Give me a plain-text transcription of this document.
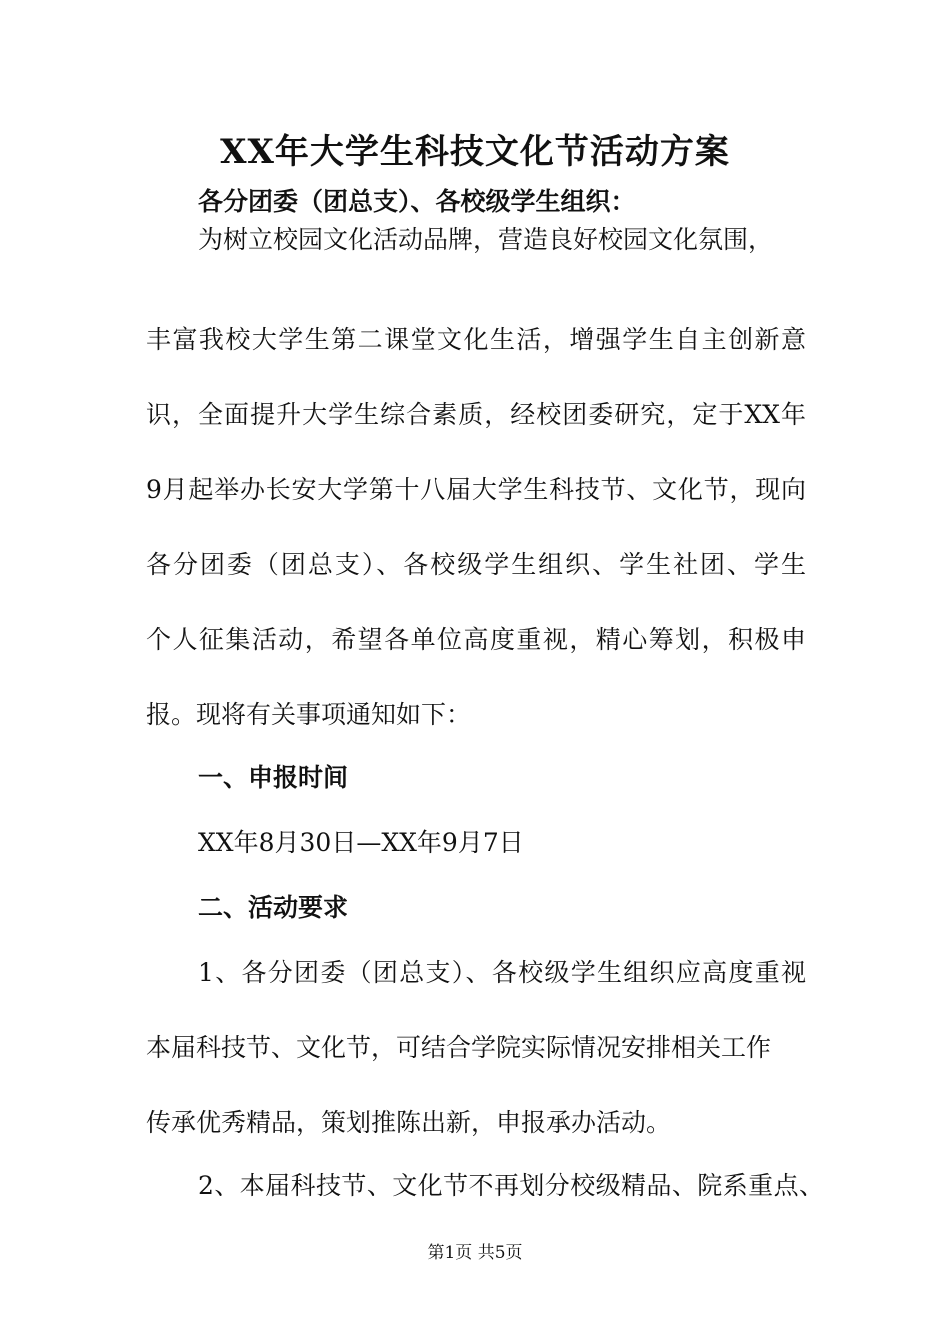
XX年大学生科技文化节活动方案
各分团委（团总支）、各校级学生组织：
为树立校园文化活动品牌，营造良好校园文化氛围，
丰富我校大学生第二课堂文化生活，增强学生自主创新意
识，全面提升大学生综合素质，经校团委研究，定于XX年
9月起举办长安大学第十八届大学生科技节、文化节，现向
各分团委（团总支）、各校级学生组织、学生社团、学生
个人征集活动，希望各单位高度重视，精心筹划，积极申
报。现将有关事项通知如下：
一、申报时间
XX年8月30日—XX年9月7日
二、活动要求
1、各分团委（团总支）、各校级学生组织应高度重视
本届科技节、文化节，可结合学院实际情况安排相关工作
传承优秀精品，策划推陈出新，申报承办活动。
2、本届科技节、文化节不再划分校级精品、院系重点、
第1页 共5页
